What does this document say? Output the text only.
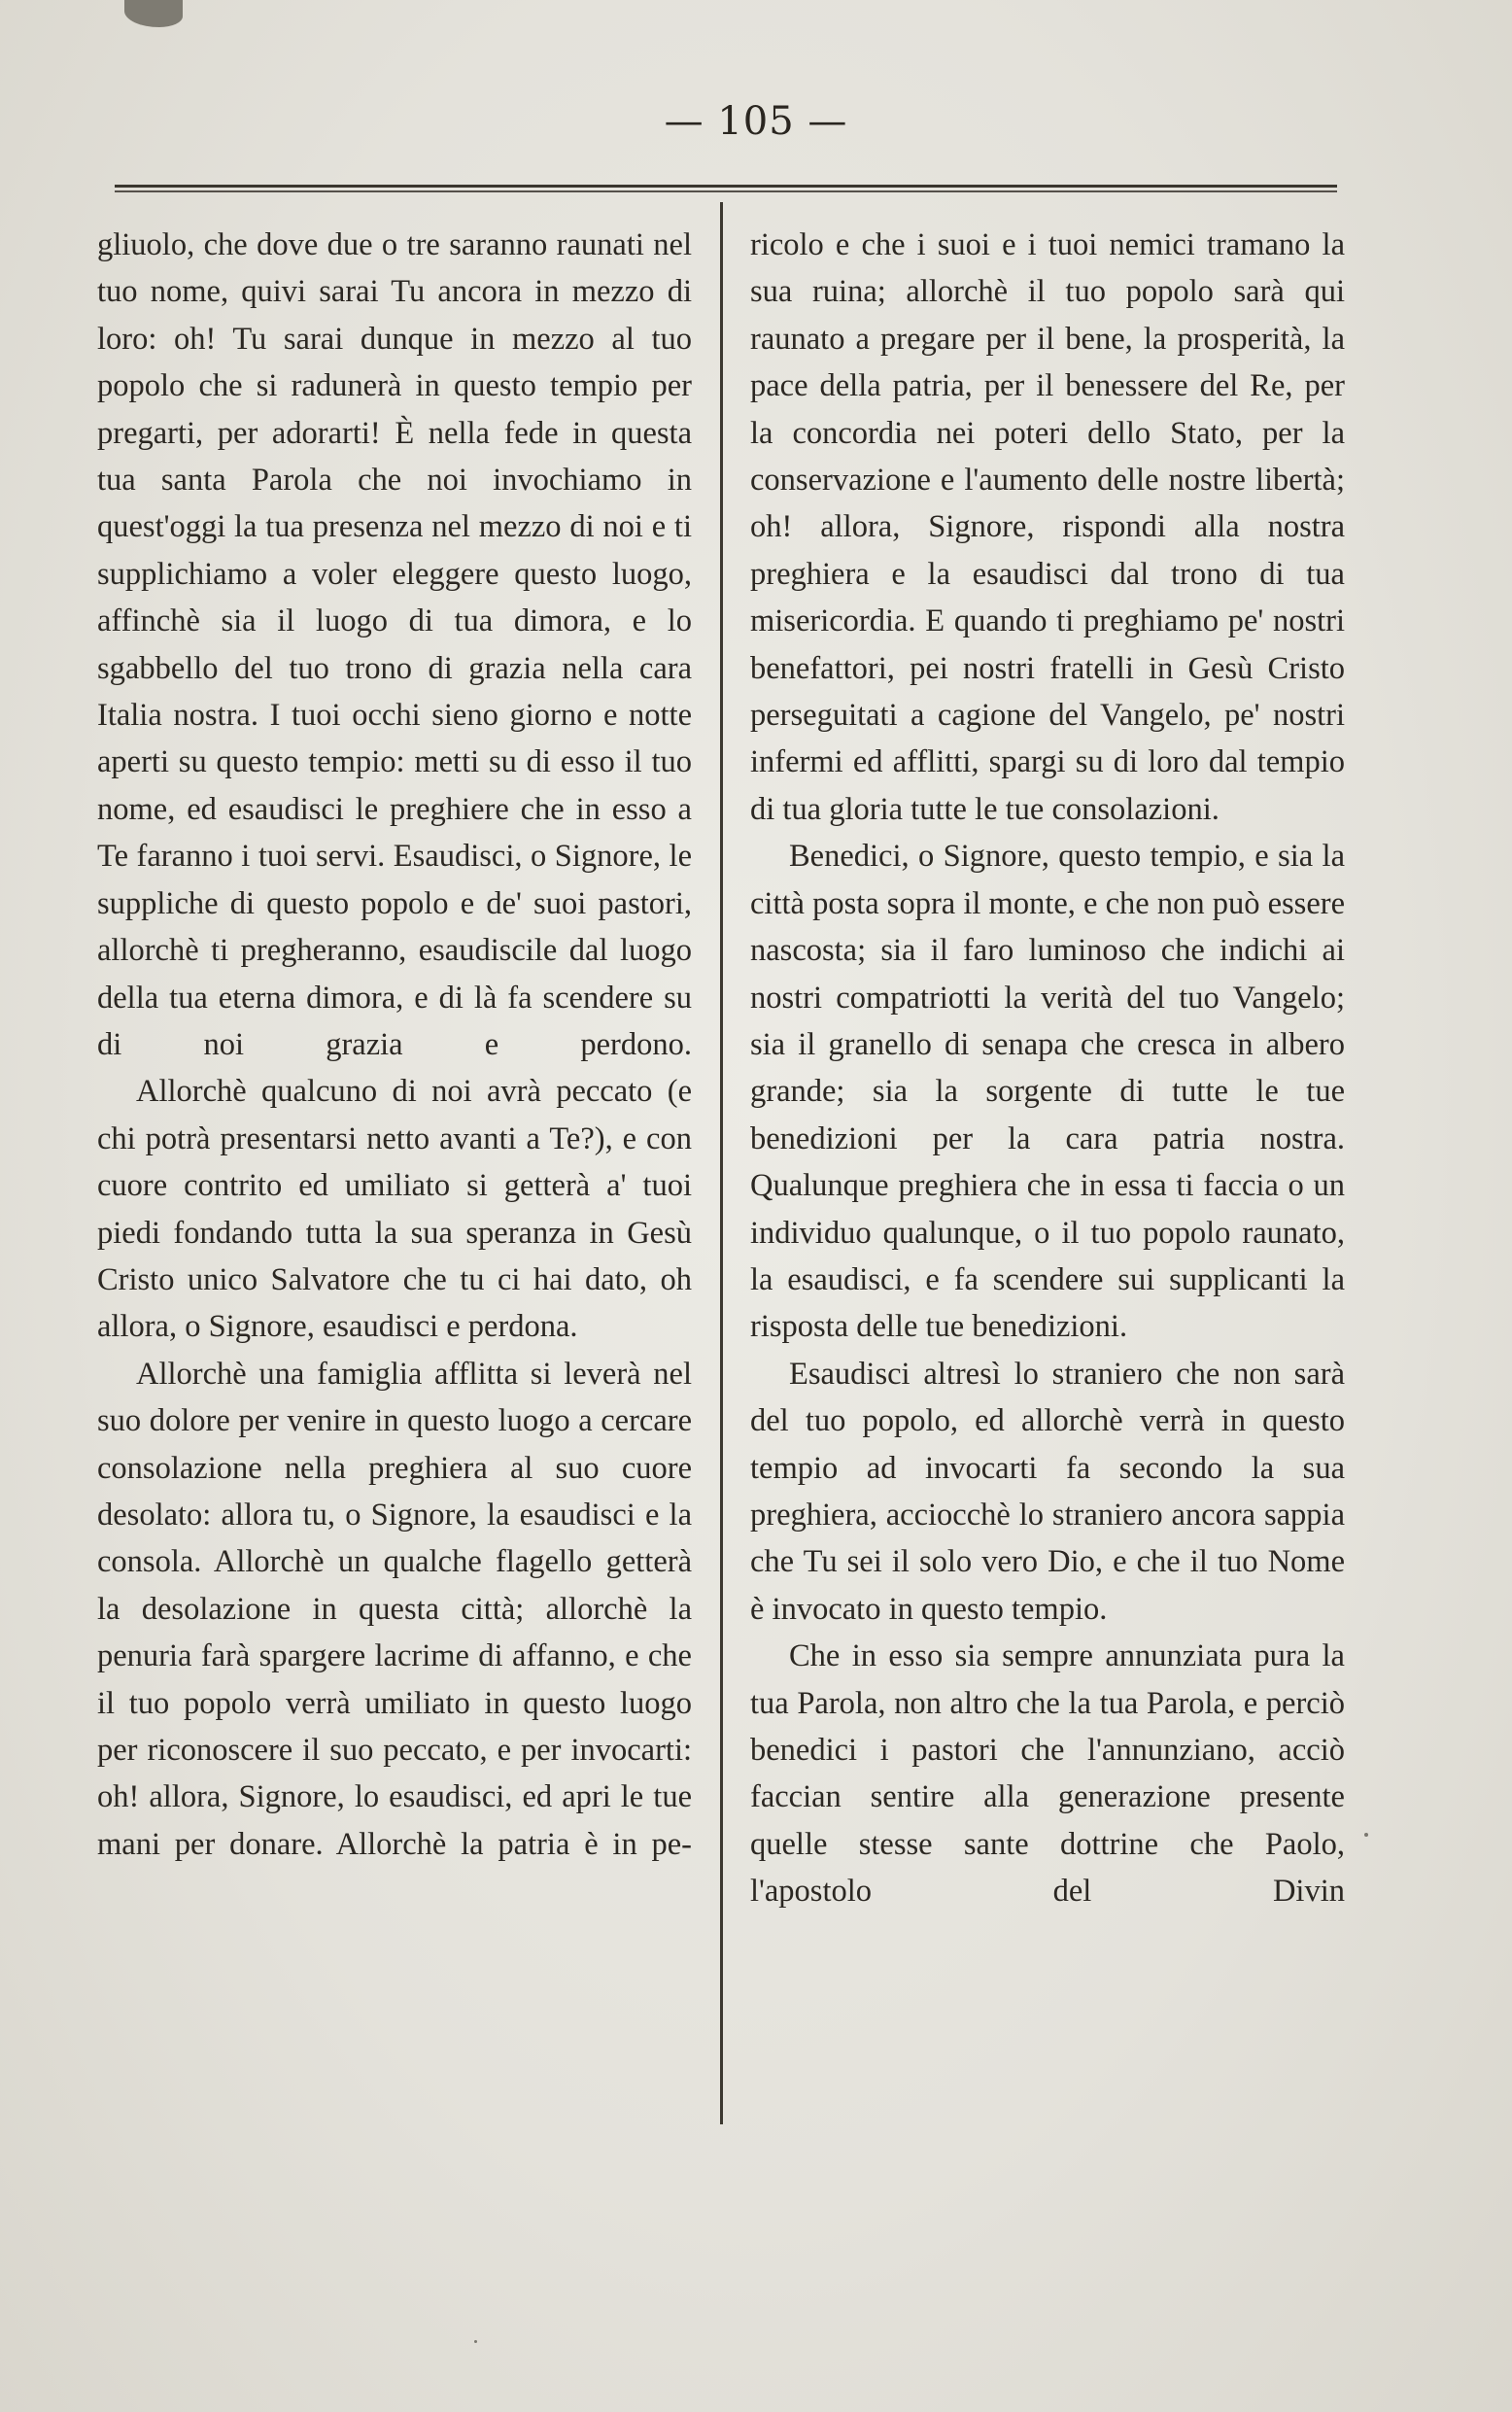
— 105 —

gliuolo, che dove due o tre saranno raunati nel tuo nome, quivi sarai Tu ancora in mezzo di loro: oh! Tu sarai dunque in mezzo al tuo popolo che si radunerà in questo tempio per pregarti, per adorarti! È nella fede in questa tua santa Parola che noi invochiamo in quest'oggi la tua presenza nel mezzo di noi e ti supplichiamo a voler eleggere questo luogo, affinchè sia il luogo di tua dimora, e lo sgabbello del tuo trono di grazia nella cara Italia nostra. I tuoi occhi sieno giorno e notte aperti su questo tempio: metti su di esso il tuo nome, ed esaudisci le preghiere che in esso a Te faranno i tuoi servi. Esaudisci, o Signore, le suppliche di questo popolo e de' suoi pastori, allorchè ti pregheranno, esaudiscile dal luogo della tua eterna dimora, e di là fa scendere su di noi grazia e perdono.

Allorchè qualcuno di noi avrà peccato (e chi potrà presentarsi netto avanti a Te?), e con cuore contrito ed umiliato si getterà a' tuoi piedi fondando tutta la sua speranza in Gesù Cristo unico Salvatore che tu ci hai dato, oh allora, o Signore, esaudisci e perdona.

Allorchè una famiglia afflitta si leverà nel suo dolore per venire in questo luogo a cercare consolazione nella preghiera al suo cuore desolato: allora tu, o Signore, la esaudisci e la consola. Allorchè un qualche flagello getterà la desolazione in questa città; allorchè la penuria farà spargere lacrime di affanno, e che il tuo popolo verrà umiliato in questo luogo per riconoscere il suo peccato, e per invocarti: oh! allora, Signore, lo esaudisci, ed apri le tue mani per donare. Allorchè la patria è in pe-

ricolo e che i suoi e i tuoi nemici tramano la sua ruina; allorchè il tuo popolo sarà qui raunato a pregare per il bene, la prosperità, la pace della patria, per il benessere del Re, per la concordia nei poteri dello Stato, per la conservazione e l'aumento delle nostre libertà; oh! allora, Signore, rispondi alla nostra preghiera e la esaudisci dal trono di tua misericordia. E quando ti preghiamo pe' nostri benefattori, pei nostri fratelli in Gesù Cristo perseguitati a cagione del Vangelo, pe' nostri infermi ed afflitti, spargi su di loro dal tempio di tua gloria tutte le tue consolazioni.

Benedici, o Signore, questo tempio, e sia la città posta sopra il monte, e che non può essere nascosta; sia il faro luminoso che indichi ai nostri compatriotti la verità del tuo Vangelo; sia il granello di senapa che cresca in albero grande; sia la sorgente di tutte le tue benedizioni per la cara patria nostra. Qualunque preghiera che in essa ti faccia o un individuo qualunque, o il tuo popolo raunato, la esaudisci, e fa scendere sui supplicanti la risposta delle tue benedizioni.

Esaudisci altresì lo straniero che non sarà del tuo popolo, ed allorchè verrà in questo tempio ad invocarti fa secondo la sua preghiera, acciocchè lo straniero ancora sappia che Tu sei il solo vero Dio, e che il tuo Nome è invocato in questo tempio.

Che in esso sia sempre annunziata pura la tua Parola, non altro che la tua Parola, e perciò benedici i pastori che l'annunziano, acciò faccian sentire alla generazione presente quelle stesse sante dottrine che Paolo, l'apostolo del Divin
